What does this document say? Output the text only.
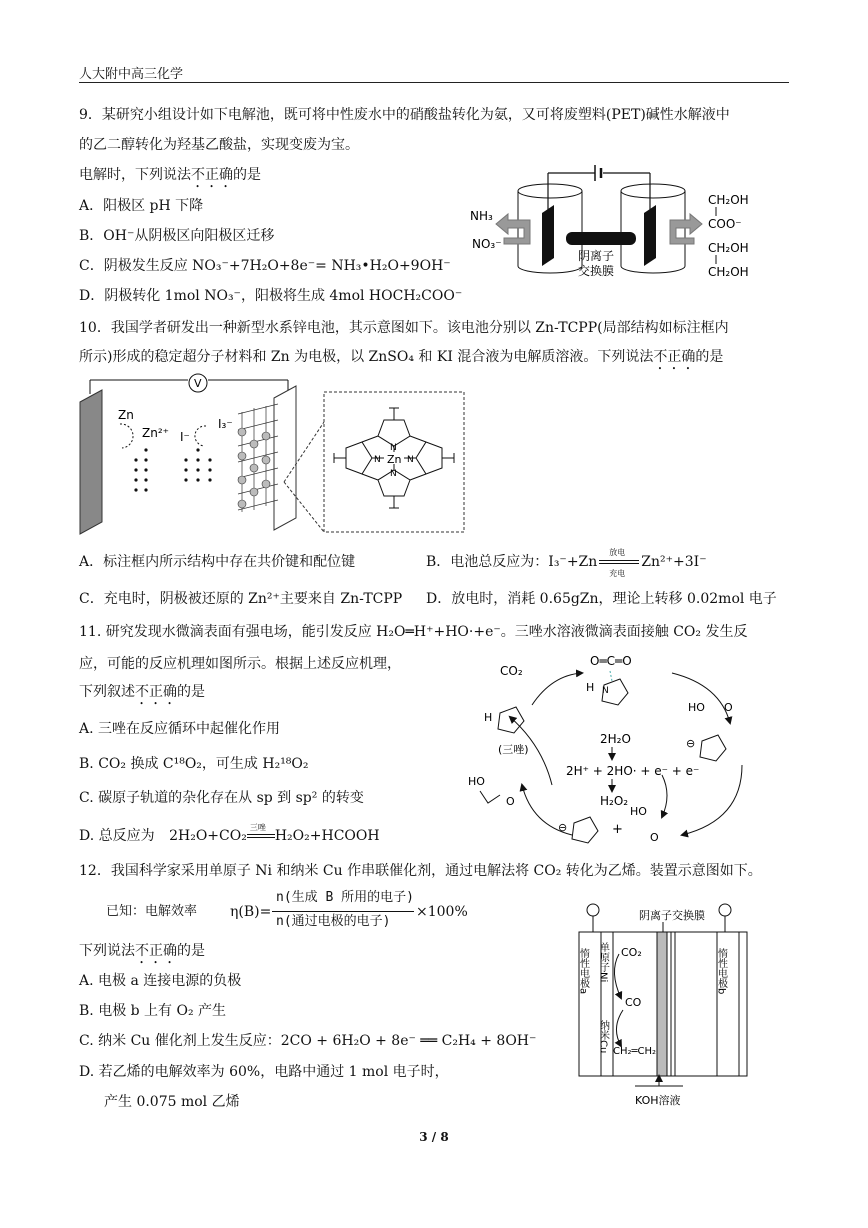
人大附中高三化学
9．某研究小组设计如下电解池，既可将中性废水中的硝酸盐转化为氨，又可将废塑料(PET)碱性水解液中
的乙二醇转化为羟基乙酸盐，实现变废为宝。
电解时，下列说法不正确的是
A．阳极区 pH 下降
B．OH⁻从阴极区向阳极区迁移
C．阴极发生反应 NO₃⁻+7H₂O+8e⁻= NH₃•H₂O+9OH⁻
D．阴极转化 1mol NO₃⁻，阳极将生成 4mol HOCH₂COO⁻
NH₃
NO₃⁻
阴离子
交换膜
CH₂OH
COO⁻
CH₂OH
CH₂OH
10．我国学者研发出一种新型水系锌电池，其示意图如下。该电池分别以 Zn-TCPP(局部结构如标注框内
所示)形成的稳定超分子材料和 Zn 为电极，以 ZnSO₄ 和 KI 混合液为电解质溶液。下列说法不正确的是
V
Zn
Zn²⁺ I⁻
I₃⁻
Zn
N
N
N	N
A．标注框内所示结构中存在共价键和配位键	B．电池总反应为：I₃⁻+Zn
放电
充电
Zn²⁺+3I⁻
C．充电时，阴极被还原的 Zn²⁺主要来自 Zn-TCPP D．放电时，消耗 0.65gZn，理论上转移 0.02mol 电子
11. 研究发现水微滴表面有强电场，能引发反应 H₂O═H⁺+HO·+e⁻。三唑水溶液微滴表面接触 CO₂ 发生反
应，可能的反应机理如图所示。根据上述反应机理，
下列叙述不正确的是
A. 三唑在反应循环中起催化作用
B. CO₂ 换成 C¹⁸O₂，可生成 H₂¹⁸O₂
C. 碳原子轨道的杂化存在从 sp 到 sp² 的转变
D. 总反应为 2H₂O+CO₂
三唑
H₂O₂+HCOOH
CO₂
O═C═O
H N
H
(三唑)
2H₂O
2H⁺ + 2HO· + e⁻ + e⁻
H₂O₂
HO O
⊖
HO
O
⊖	+
HO
O
12．我国科学家采用单原子 Ni 和纳米 Cu 作串联催化剂，通过电解法将 CO₂ 转化为乙烯。装置示意图如下。
已知：电解效率 η(B)=
n(生成 B 所用的电子)
n(通过电极的电子)
×100%
下列说法不正确的是
A. 电极 a 连接电源的负极
B. 电极 b 上有 O₂ 产生
C. 纳米 Cu 催化剂上发生反应：2CO + 6H₂O + 8e⁻ ══ C₂H₄ + 8OH⁻
D. 若乙烯的电解效率为 60%，电路中通过 1 mol 电子时，
产生 0.075 mol 乙烯
阴离子交换膜
惰性电极a	惰性电极b
单原子Ni
纳米Cu
CO₂
CO
CH₂═CH₂
KOH溶液
3 / 8
